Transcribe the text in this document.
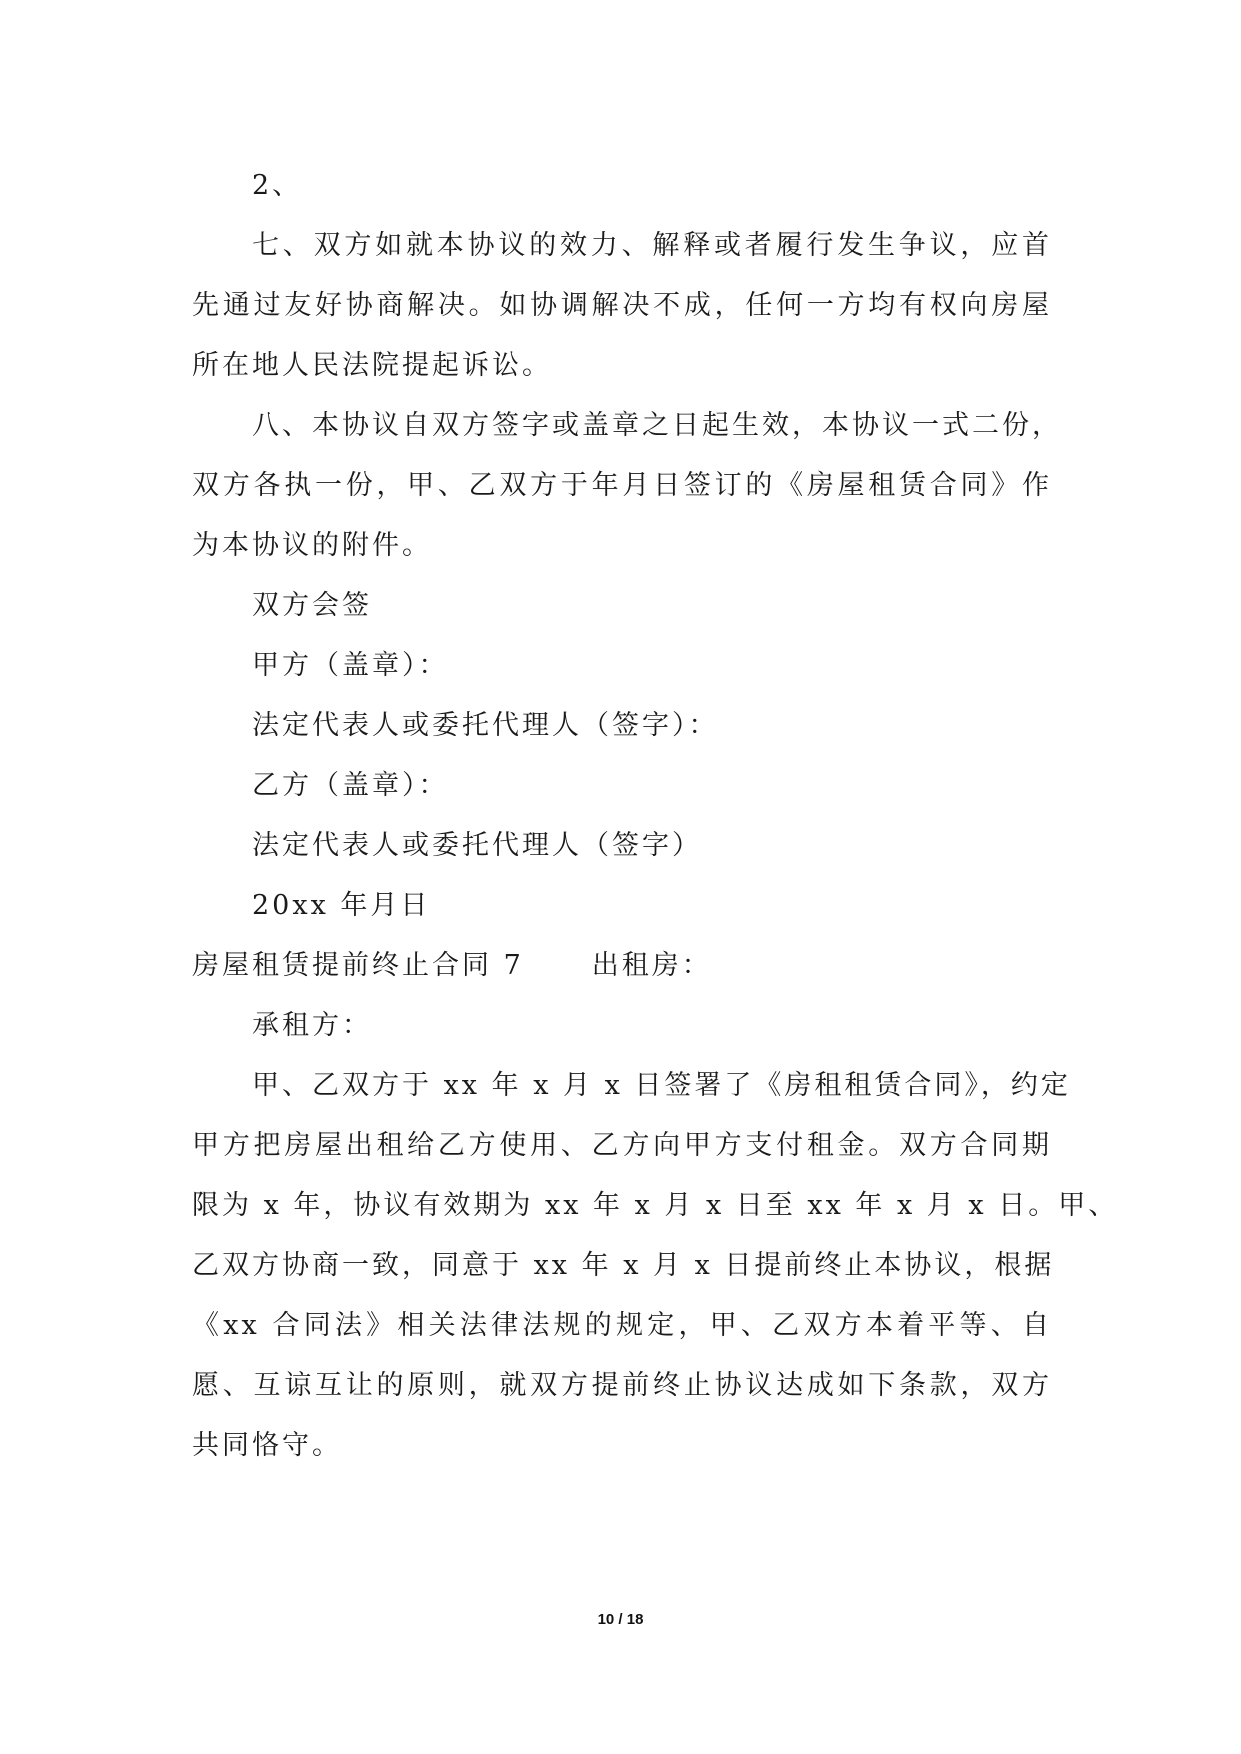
2、
七、双方如就本协议的效力、解释或者履行发生争议，应首
先通过友好协商解决。如协调解决不成，任何一方均有权向房屋
所在地人民法院提起诉讼。
八、本协议自双方签字或盖章之日起生效，本协议一式二份，
双方各执一份，甲、乙双方于年月日签订的《房屋租赁合同》作
为本协议的附件。
双方会签
甲方（盖章）：
法定代表人或委托代理人（签字）：
乙方（盖章）：
法定代表人或委托代理人（签字）
20xx 年月日
房屋租赁提前终止合同 7	出租房：
承租方：
甲、乙双方于 xx 年 x 月 x 日签署了《房租租赁合同》，约定
甲方把房屋出租给乙方使用、乙方向甲方支付租金。双方合同期
限为 x 年，协议有效期为 xx 年 x 月 x 日至 xx 年 x 月 x 日。甲、
乙双方协商一致，同意于 xx 年 x 月 x 日提前终止本协议，根据
《xx 合同法》相关法律法规的规定，甲、乙双方本着平等、自
愿、互谅互让的原则，就双方提前终止协议达成如下条款，双方
共同恪守。
10 / 18
